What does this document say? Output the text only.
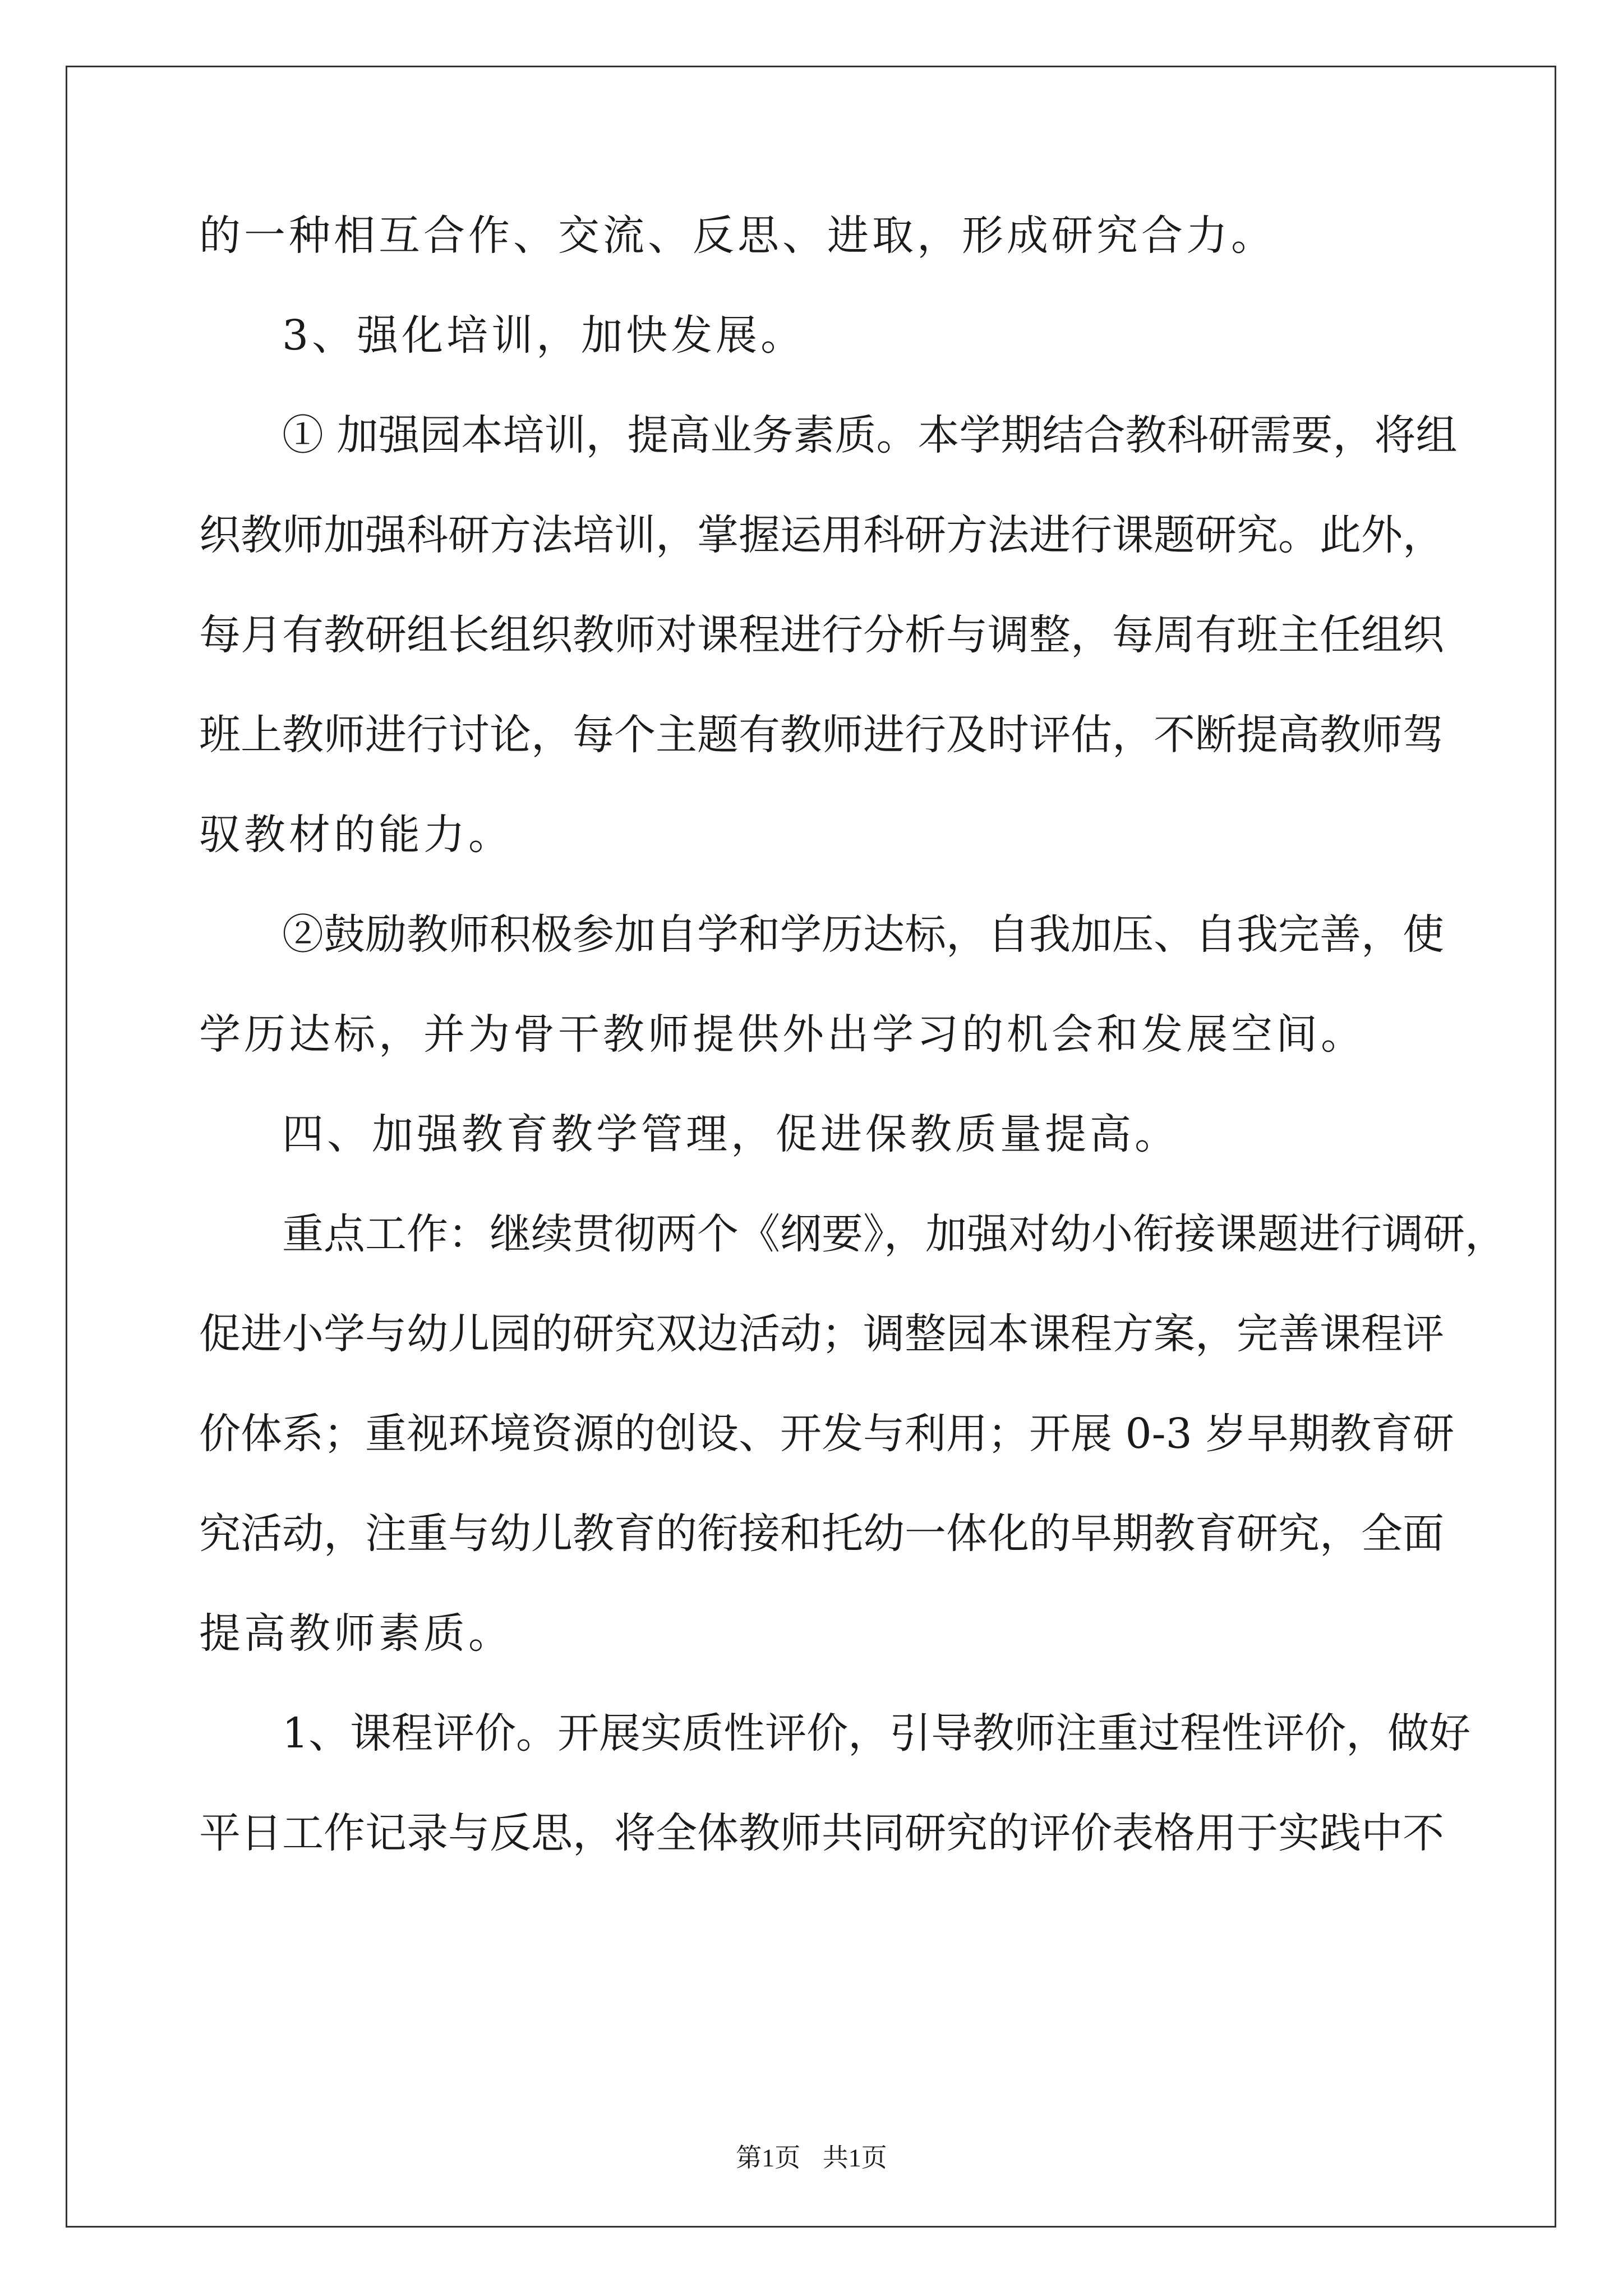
的一种相互合作、交流、反思、进取，形成研究合力。
3、强化培训，加快发展。
① 加强园本培训，提高业务素质。本学期结合教科研需要，将组
织教师加强科研方法培训，掌握运用科研方法进行课题研究。此外，
每月有教研组长组织教师对课程进行分析与调整，每周有班主任组织
班上教师进行讨论，每个主题有教师进行及时评估，不断提高教师驾
驭教材的能力。
②鼓励教师积极参加自学和学历达标，自我加压、自我完善，使
学历达标，并为骨干教师提供外出学习的机会和发展空间。
四、加强教育教学管理，促进保教质量提高。
重点工作：继续贯彻两个《纲要》，加强对幼小衔接课题进行调研，
促进小学与幼儿园的研究双边活动；调整园本课程方案，完善课程评
价体系；重视环境资源的创设、开发与利用；开展 0-3 岁早期教育研
究活动，注重与幼儿教育的衔接和托幼一体化的早期教育研究，全面
提高教师素质。
1、课程评价。开展实质性评价，引导教师注重过程性评价，做好
平日工作记录与反思，将全体教师共同研究的评价表格用于实践中不
第1页 共1页
